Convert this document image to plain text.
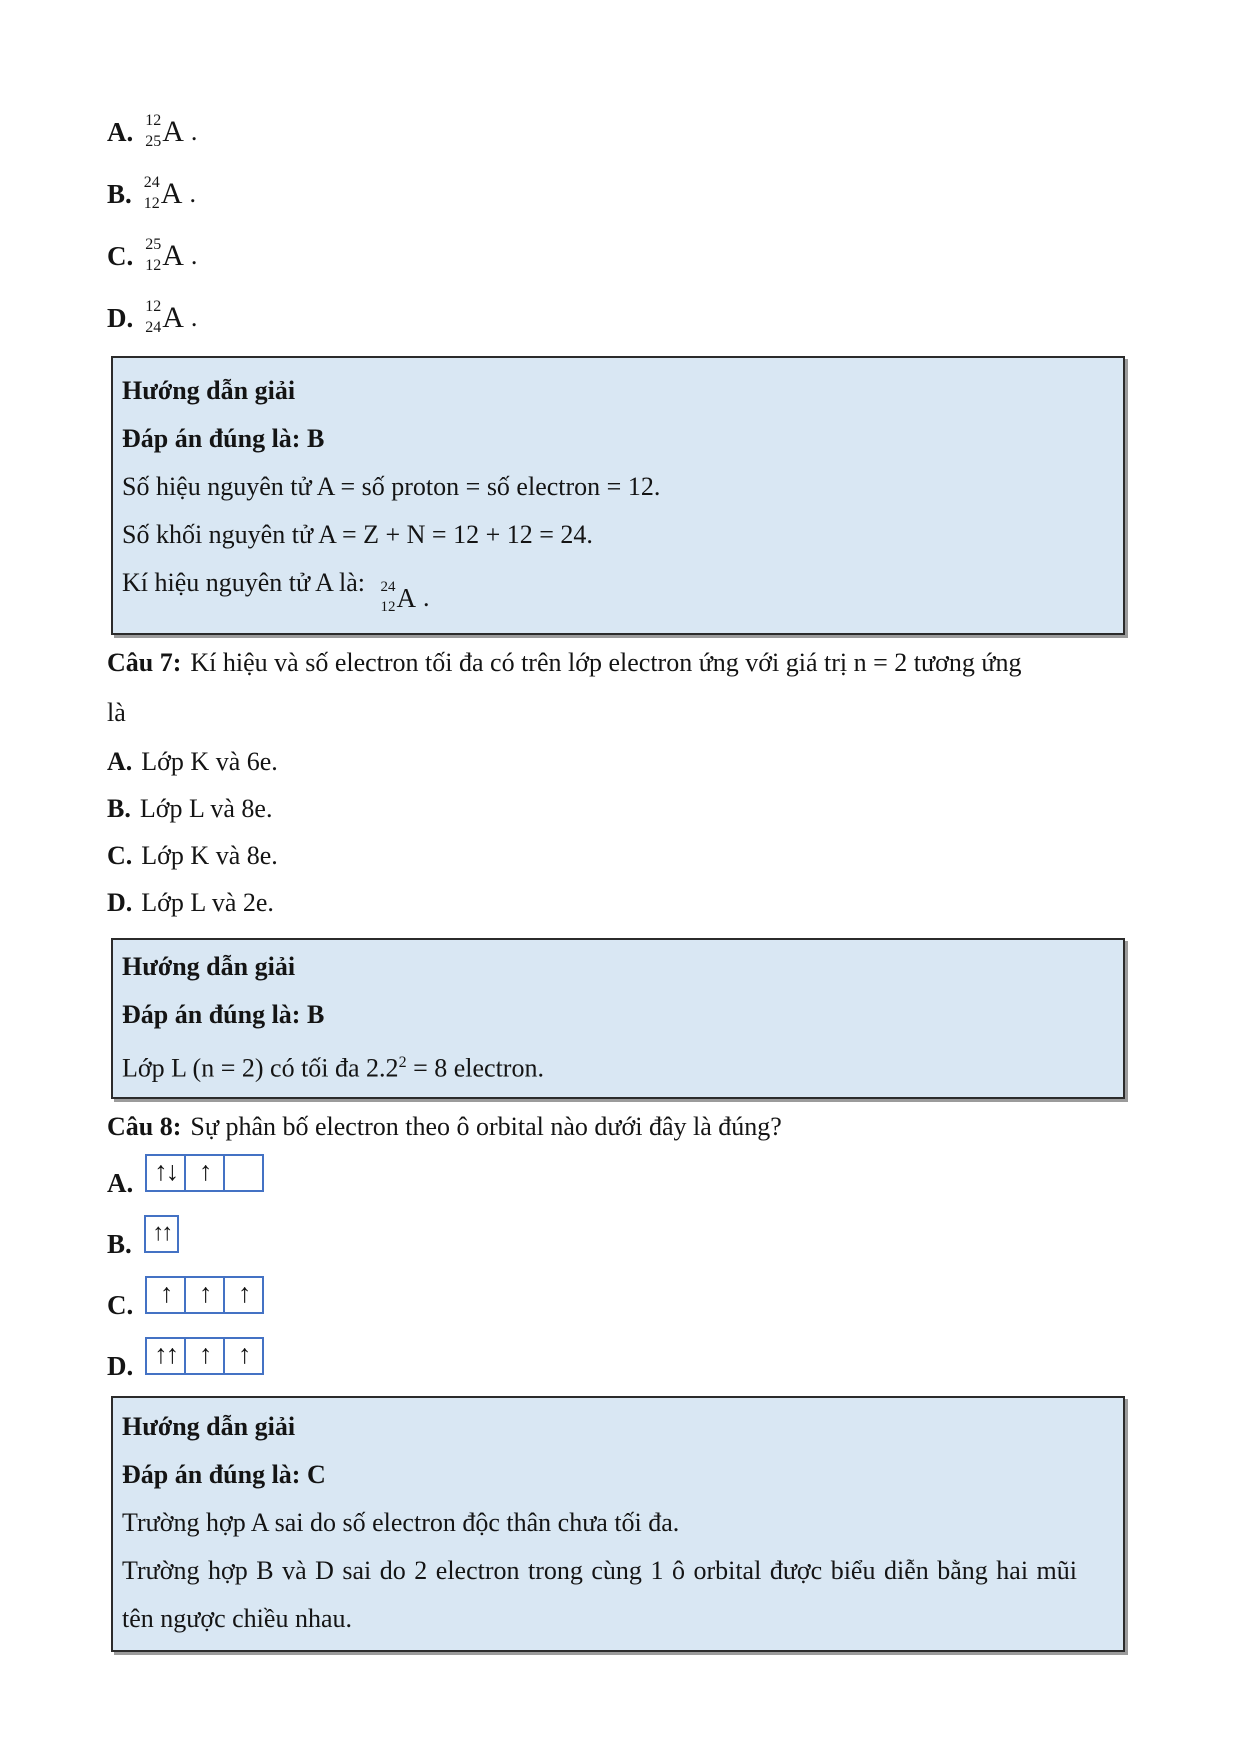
A. 12
25 A .
B. 24
12 A .
C. 25
12 A .
D. 12
24 A .
Hướng dẫn giải
Đáp án đúng là: B
Số hiệu nguyên tử A = số proton = số electron = 12.
Số khối nguyên tử A = Z + N = 12 + 12 = 24.
Kí hiệu nguyên tử A là: 24
12 A .

Câu 7: Kí hiệu và số electron tối đa có trên lớp electron ứng với giá trị n = 2 tương ứng là

A. Lớp K và 6e.
B. Lớp L và 8e.
C. Lớp K và 8e.
D. Lớp L và 2e.
Hướng dẫn giải
Đáp án đúng là: B
Lớp L (n = 2) có tối đa $2.2^2 = 8$ electron.

Câu 8: Sự phân bố electron theo ô orbital nào dưới đây là đúng?

A. ↑↓ ↑
B. ↑↑
C. ↑	↑	↑
D. ↑↑ ↑	↑
Hướng dẫn giải
Đáp án đúng là: C
Trường hợp A sai do số electron độc thân chưa tối đa.
Trường hợp B và D sai do 2 electron trong cùng 1 ô orbital được biểu diễn bằng hai mũi tên ngược chiều nhau.
